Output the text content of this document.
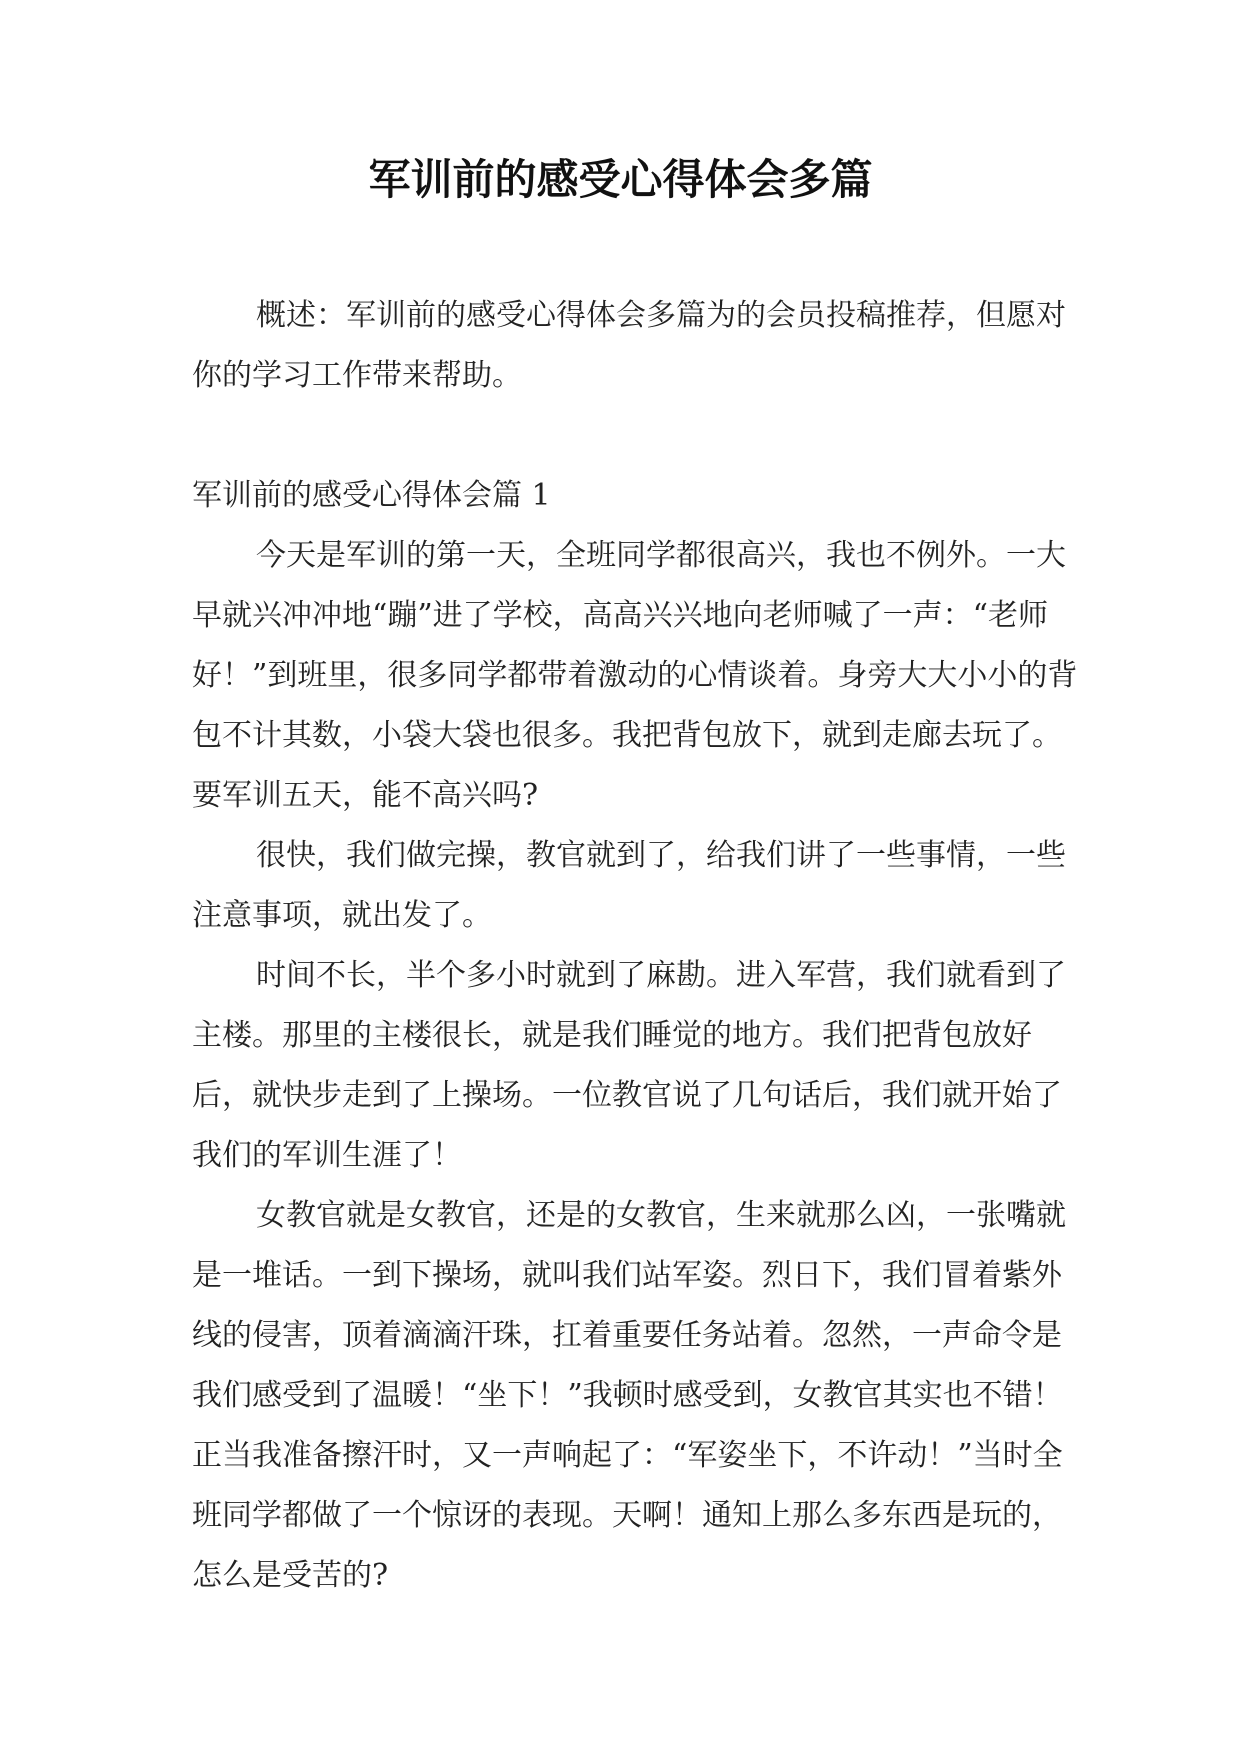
军训前的感受心得体会多篇

概述：军训前的感受心得体会多篇为的会员投稿推荐，但愿对你的学习工作带来帮助。

军训前的感受心得体会篇 1

今天是军训的第一天，全班同学都很高兴，我也不例外。一大早就兴冲冲地“蹦”进了学校，高高兴兴地向老师喊了一声：“老师好！”到班里，很多同学都带着激动的心情谈着。身旁大大小小的背包不计其数，小袋大袋也很多。我把背包放下，就到走廊去玩了。要军训五天，能不高兴吗?

很快，我们做完操，教官就到了，给我们讲了一些事情，一些注意事项，就出发了。

时间不长，半个多小时就到了麻勘。进入军营，我们就看到了主楼。那里的主楼很长，就是我们睡觉的地方。我们把背包放好后，就快步走到了上操场。一位教官说了几句话后，我们就开始了我们的军训生涯了！

女教官就是女教官，还是的女教官，生来就那么凶，一张嘴就是一堆话。一到下操场，就叫我们站军姿。烈日下，我们冒着紫外线的侵害，顶着滴滴汗珠，扛着重要任务站着。忽然，一声命令是我们感受到了温暖！“坐下！”我顿时感受到，女教官其实也不错！正当我准备擦汗时，又一声响起了：“军姿坐下，不许动！”当时全班同学都做了一个惊讶的表现。天啊！通知上那么多东西是玩的，怎么是受苦的?
